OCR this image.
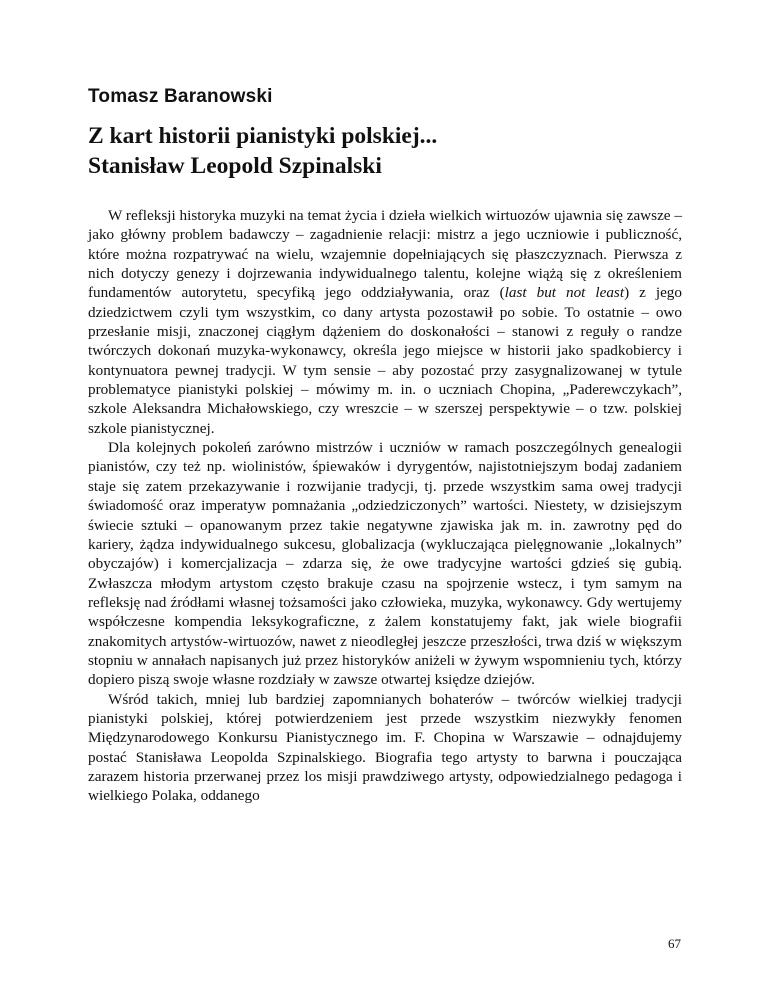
Tomasz Baranowski
Z kart historii pianistyki polskiej...
Stanisław Leopold Szpinalski

W refleksji historyka muzyki na temat życia i dzieła wielkich wirtuozów ujawnia się zawsze – jako główny problem badawczy – zagadnienie relacji: mistrz a jego uczniowie i publiczność, które można rozpatrywać na wielu, wzajemnie dopełniających się płaszczyznach. Pierwsza z nich dotyczy genezy i dojrzewania indywidualnego talentu, kolejne wiążą się z określeniem fundamentów autorytetu, specyfiką jego oddziaływania, oraz (last but not least) z jego dziedzictwem czyli tym wszystkim, co dany artysta pozostawił po sobie. To ostatnie – owo przesłanie misji, znaczonej ciągłym dążeniem do doskonałości – stanowi z reguły o randze twórczych dokonań muzyka-wykonawcy, określa jego miejsce w historii jako spadkobiercy i kontynuatora pewnej tradycji. W tym sensie – aby pozostać przy zasygnalizowanej w tytule problematyce pianistyki polskiej – mówimy m. in. o uczniach Chopina, „Paderewczykach”, szkole Aleksandra Michałowskiego, czy wreszcie – w szerszej perspektywie – o tzw. polskiej szkole pianistycznej.

Dla kolejnych pokoleń zarówno mistrzów i uczniów w ramach poszczególnych genealogii pianistów, czy też np. wiolinistów, śpiewaków i dyrygentów, najistotniejszym bodaj zadaniem staje się zatem przekazywanie i rozwijanie tradycji, tj. przede wszystkim sama owej tradycji świadomość oraz imperatyw pomnażania „odziedziczonych” wartości. Niestety, w dzisiejszym świecie sztuki – opanowanym przez takie negatywne zjawiska jak m. in. zawrotny pęd do kariery, żądza indywidualnego sukcesu, globalizacja (wykluczająca pielęgnowanie „lokalnych” obyczajów) i komercjalizacja – zdarza się, że owe tradycyjne wartości gdzieś się gubią. Zwłaszcza młodym artystom często brakuje czasu na spojrzenie wstecz, i tym samym na refleksję nad źródłami własnej tożsamości jako człowieka, muzyka, wykonawcy. Gdy wertujemy współczesne kompendia leksykograficzne, z żalem konstatujemy fakt, jak wiele biografii znakomitych artystów-wirtuozów, nawet z nieodległej jeszcze przeszłości, trwa dziś w większym stopniu w annałach napisanych już przez historyków aniżeli w żywym wspomnieniu tych, którzy dopiero piszą swoje własne rozdziały w zawsze otwartej księdze dziejów.

Wśród takich, mniej lub bardziej zapomnianych bohaterów – twórców wielkiej tradycji pianistyki polskiej, której potwierdzeniem jest przede wszystkim niezwykły fenomen Międzynarodowego Konkursu Pianistycznego im. F. Chopina w Warszawie – odnajdujemy postać Stanisława Leopolda Szpinalskiego. Biografia tego artysty to barwna i pouczająca zarazem historia przerwanej przez los misji prawdziwego artysty, odpowiedzialnego pedagoga i wielkiego Polaka, oddanego

67
